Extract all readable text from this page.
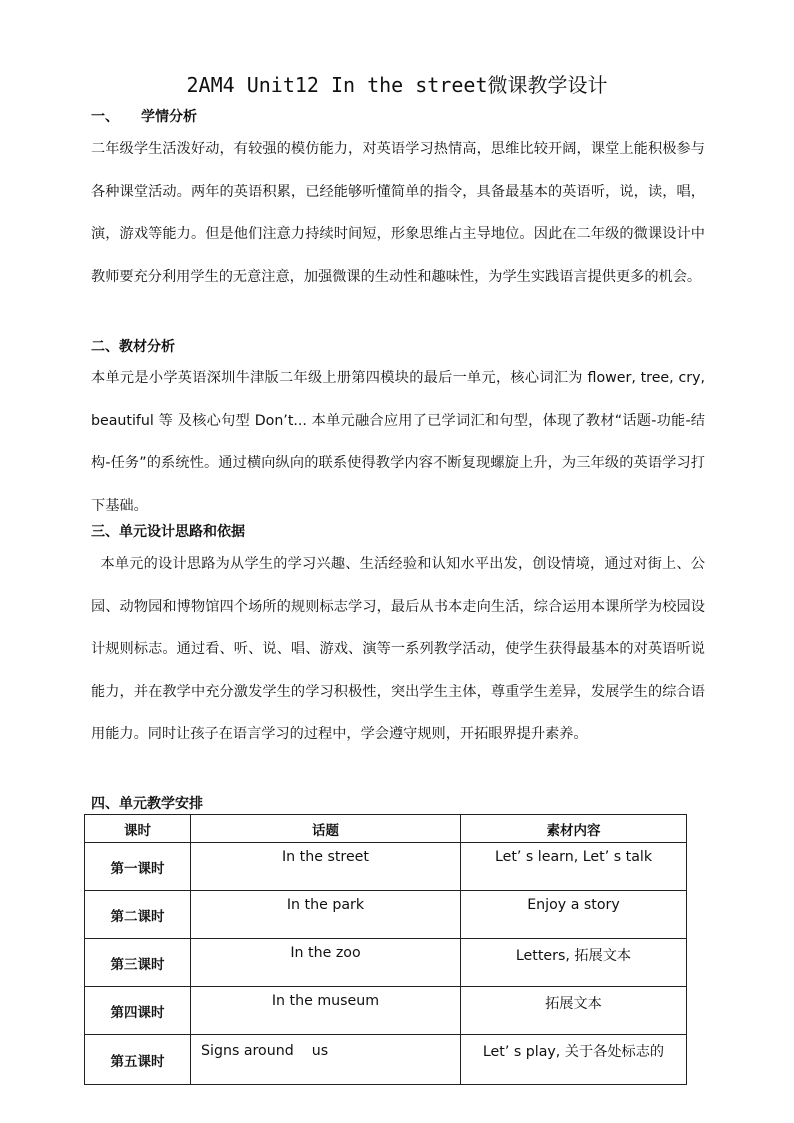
2AM4 Unit12 In the street微课教学设计
一、 学情分析

二年级学生活泼好动，有较强的模仿能力，对英语学习热情高，思维比较开阔，课堂上能积极参与各种课堂活动。两年的英语积累，已经能够听懂简单的指令，具备最基本的英语听，说，读，唱，演，游戏等能力。但是他们注意力持续时间短，形象思维占主导地位。因此在二年级的微课设计中教师要充分利用学生的无意注意，加强微课的生动性和趣味性，为学生实践语言提供更多的机会。

二、教材分析

本单元是小学英语深圳牛津版二年级上册第四模块的最后一单元，核心词汇为 flower, tree, cry, beautiful 等 及核心句型 Don’t... 本单元融合应用了已学词汇和句型，体现了教材“话题-功能-结构-任务”的系统性。通过横向纵向的联系使得教学内容不断复现螺旋上升，为三年级的英语学习打下基础。

三、单元设计思路和依据

本单元的设计思路为从学生的学习兴趣、生活经验和认知水平出发，创设情境，通过对街上、公园、动物园和博物馆四个场所的规则标志学习，最后从书本走向生活，综合运用本课所学为校园设计规则标志。通过看、听、说、唱、游戏、演等一系列教学活动，使学生获得最基本的对英语听说能力，并在教学中充分激发学生的学习积极性，突出学生主体，尊重学生差异，发展学生的综合语用能力。同时让孩子在语言学习的过程中，学会遵守规则，开拓眼界提升素养。

四、单元教学安排
课时	话题	素材内容
第一课时	In the street	Let’ s learn, Let’ s talk
第二课时	In the park	Enjoy a story
第三课时	In the zoo	Letters, 拓展文本
第四课时	In the museum	拓展文本
第五课时	Signs around    us	Let’ s play, 关于各处标志的
